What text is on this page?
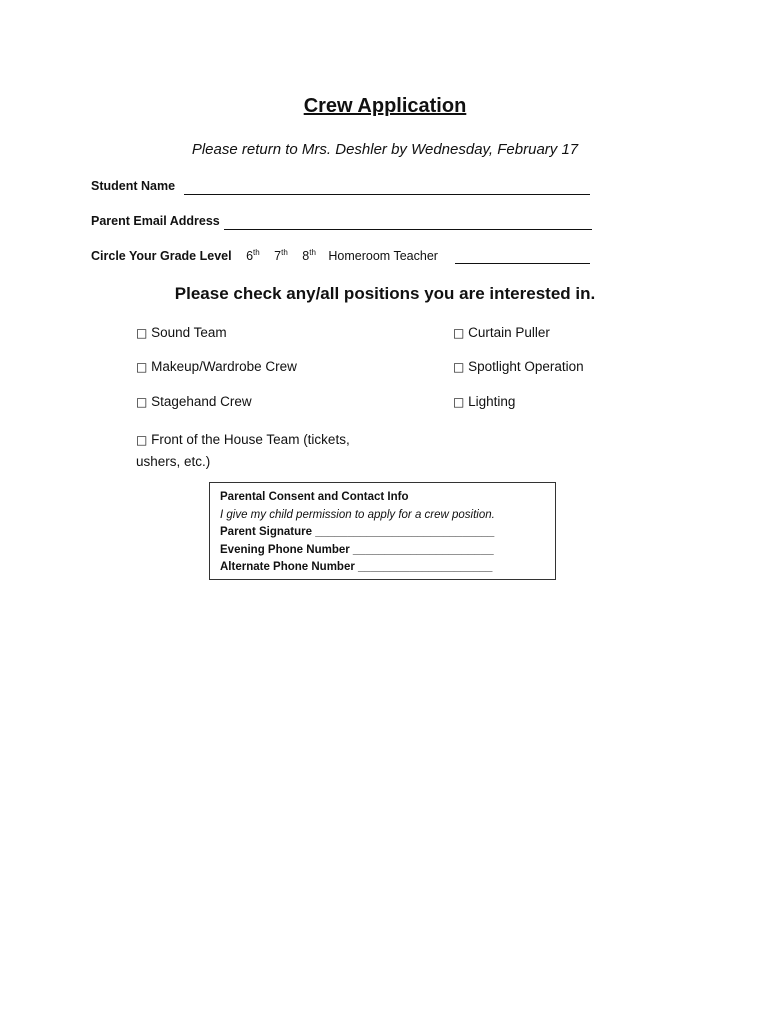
Crew Application
Please return to Mrs. Deshler by Wednesday, February 17
Student Name
Parent Email Address
Circle Your Grade Level 6th 7th 8th Homeroom Teacher
Please check any/all positions you are interested in.
□ Sound Team
□ Makeup/Wardrobe Crew
□ Stagehand Crew
□ Front of the House Team (tickets, ushers, etc.)
□ Curtain Puller
□ Spotlight Operation
□ Lighting
Parental Consent and Contact Info
I give my child permission to apply for a crew position.
Parent Signature ____________________________
Evening Phone Number ______________________
Alternate Phone Number _____________________
